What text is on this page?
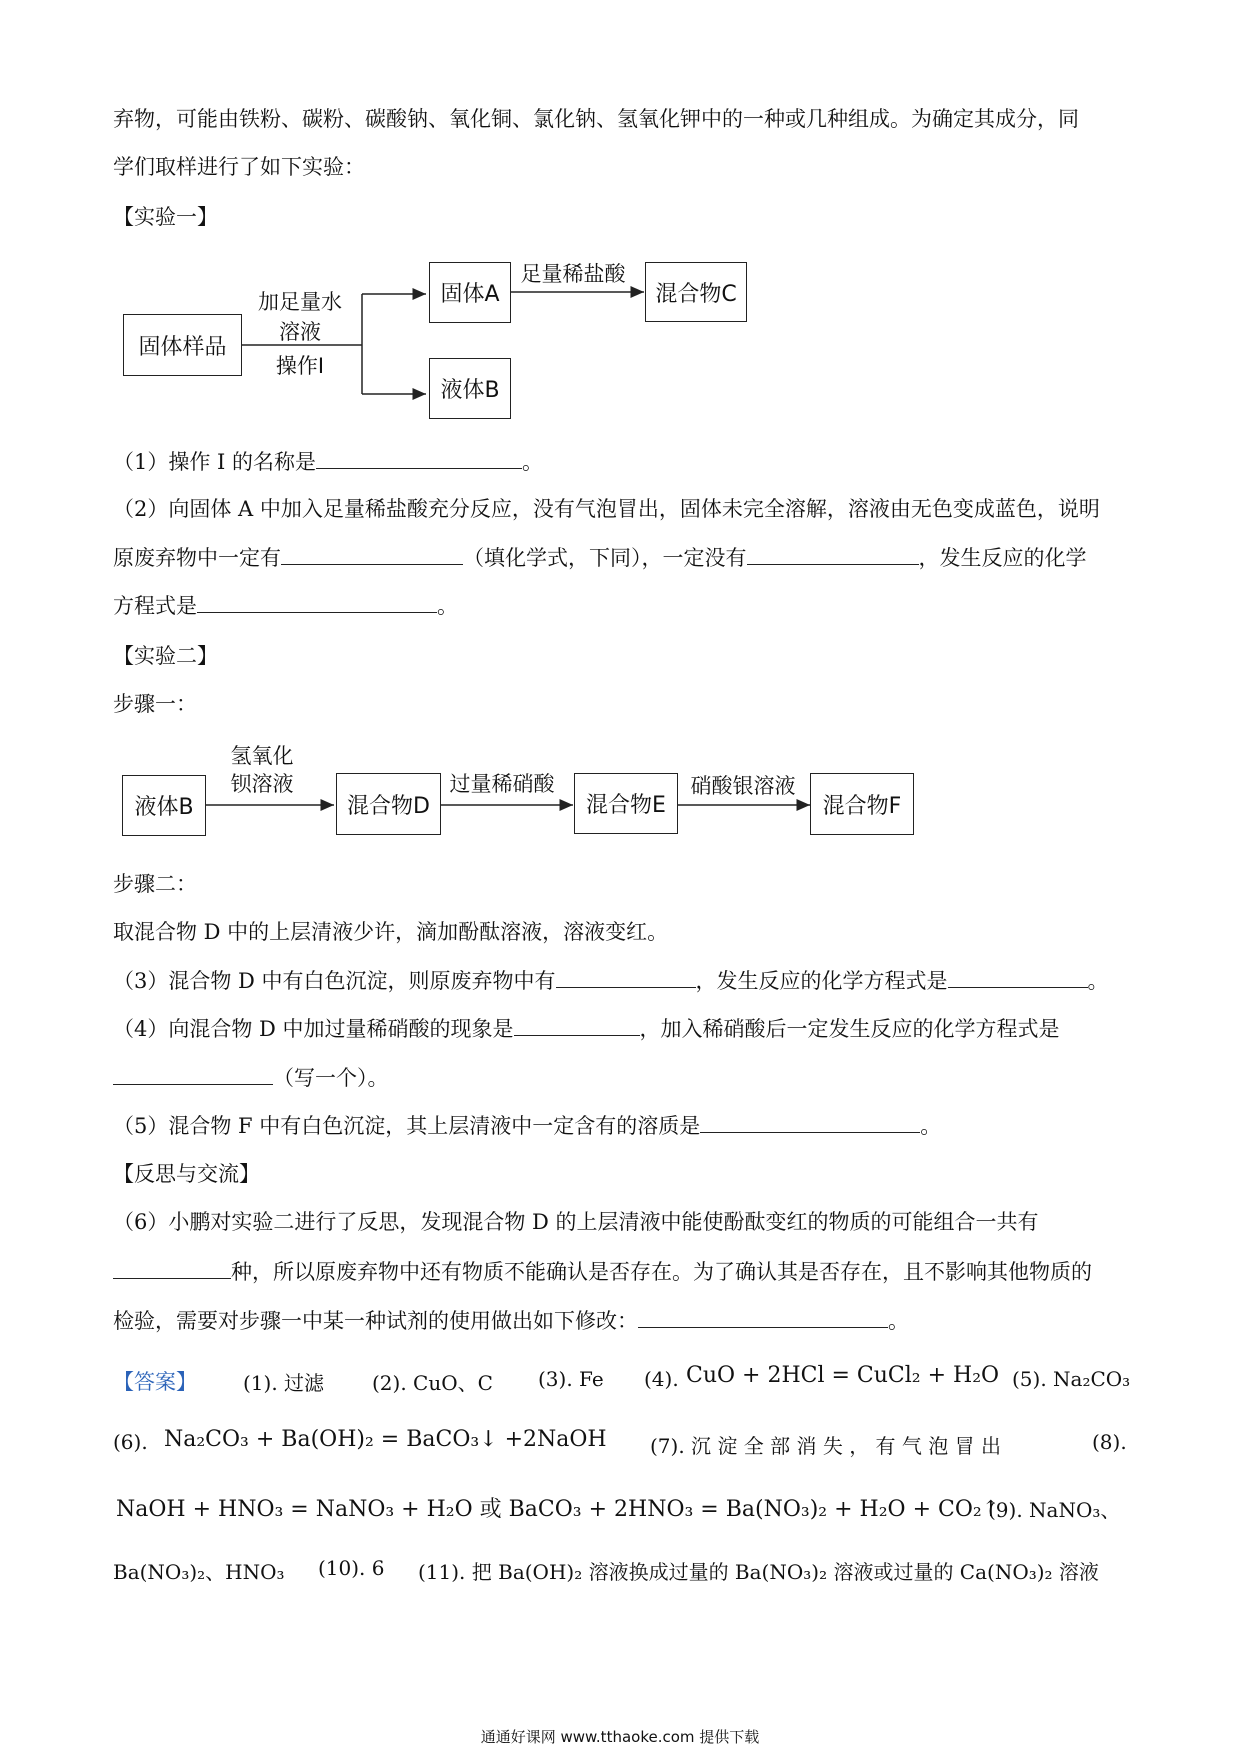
弃物，可能由铁粉、碳粉、碳酸钠、氧化铜、氯化钠、氢氧化钾中的一种或几种组成。为确定其成分，同
学们取样进行了如下实验：
【实验一】
固体样品
加足量水
溶液
操作I
固体A
足量稀盐酸
混合物C
液体B
（1）操作 I 的名称是	。
（2）向固体 A 中加入足量稀盐酸充分反应，没有气泡冒出，固体未完全溶解，溶液由无色变成蓝色，说明
原废弃物中一定有	（填化学式，下同），一定没有	，发生反应的化学
方程式是	。
【实验二】
步骤一：
液体B
氢氧化
钡溶液
混合物D
过量稀硝酸
混合物E
硝酸银溶液
混合物F
步骤二：
取混合物 D 中的上层清液少许，滴加酚酞溶液，溶液变红。
（3）混合物 D 中有白色沉淀，则原废弃物中有	，发生反应的化学方程式是	。
（4）向混合物 D 中加过量稀硝酸的现象是	，加入稀硝酸后一定发生反应的化学方程式是
（写一个）。
（5）混合物 F 中有白色沉淀，其上层清液中一定含有的溶质是	。
【反思与交流】
（6）小鹏对实验二进行了反思，发现混合物 D 的上层清液中能使酚酞变红的物质的可能组合一共有
种，所以原废弃物中还有物质不能确认是否存在。为了确认其是否存在，且不影响其他物质的
检验，需要对步骤一中某一种试剂的使用做出如下修改：	。
【答案】 (1). 过滤 (2). CuO、C (3). Fe (4). CuO + 2HCl = CuCl₂ + H₂O (5). Na₂CO₃
(6). Na₂CO₃ + Ba(OH)₂ = BaCO₃↓ +2NaOH (7). 沉 淀 全 部 消 失 ， 有 气 泡 冒 出	(8).
NaOH + HNO₃ = NaNO₃ + H₂O 或 BaCO₃ + 2HNO₃ = Ba(NO₃)₂ + H₂O + CO₂↑
(9). NaNO₃、
Ba(NO₃)₂、HNO₃ (10). 6 (11). 把 Ba(OH)₂ 溶液换成过量的 Ba(NO₃)₂ 溶液或过量的 Ca(NO₃)₂ 溶液
通通好课网 www.tthaoke.com 提供下载
